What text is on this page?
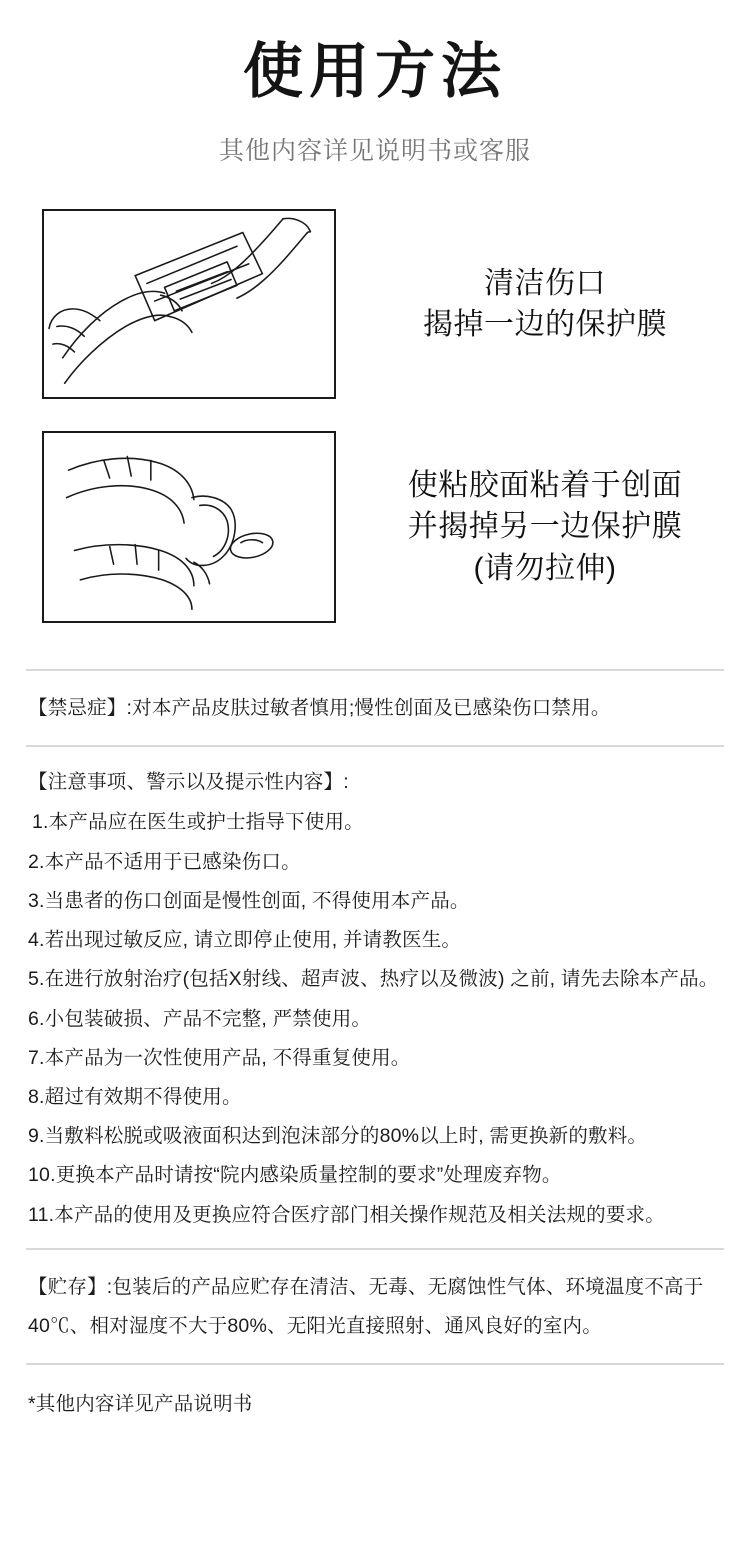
使用方法

其他内容详见说明书或客服

清洁伤口
揭掉一边的保护膜
使粘胶面粘着于创面
并揭掉另一边保护膜
(请勿拉伸)

【禁忌症】:对本产品皮肤过敏者慎用;慢性创面及已感染伤口禁用。

【注意事项、警示以及提示性内容】:

1.本产品应在医生或护士指导下使用。

2.本产品不适用于已感染伤口。

3.当患者的伤口创面是慢性创面, 不得使用本产品。

4.若出现过敏反应, 请立即停止使用, 并请教医生。

5.在进行放射治疗(包括X射线、超声波、热疗以及微波) 之前, 请先去除本产品。

6.小包装破损、产品不完整, 严禁使用。

7.本产品为一次性使用产品, 不得重复使用。

8.超过有效期不得使用。

9.当敷料松脱或吸液面积达到泡沫部分的80%以上时, 需更换新的敷料。

10.更换本产品时请按“院内感染质量控制的要求”处理废弃物。

11.本产品的使用及更换应符合医疗部门相关操作规范及相关法规的要求。

【贮存】:包装后的产品应贮存在清洁、无毒、无腐蚀性气体、环境温度不高于

40℃、相对湿度不大于80%、无阳光直接照射、通风良好的室内。

*其他内容详见产品说明书
